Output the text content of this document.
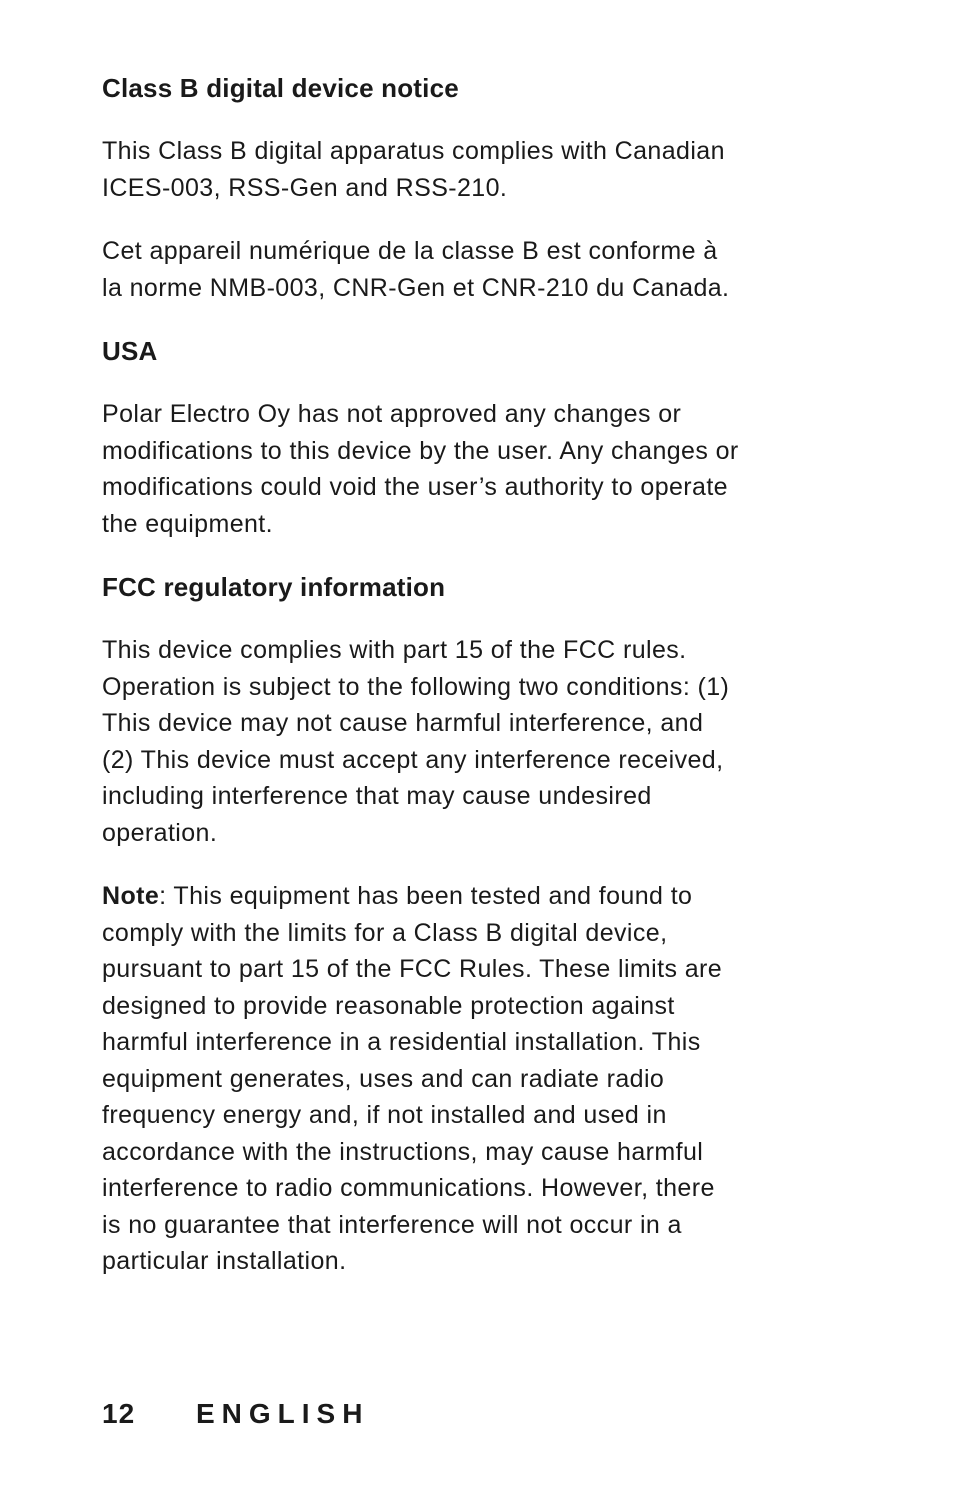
Class B digital device notice
This Class B digital apparatus complies with Canadian
ICES-003, RSS-Gen and RSS-210.
Cet appareil numérique de la classe B est conforme à
la norme NMB-003, CNR-Gen et CNR-210 du Canada.
USA
Polar Electro Oy has not approved any changes or
modifications to this device by the user. Any changes or
modifications could void the user’s authority to operate
the equipment.
FCC regulatory information
This device complies with part 15 of the FCC rules.
Operation is subject to the following two conditions: (1)
This device may not cause harmful interference, and
(2) This device must accept any interference received,
including interference that may cause undesired
operation.
Note: This equipment has been tested and found to
comply with the limits for a Class B digital device,
pursuant to part 15 of the FCC Rules. These limits are
designed to provide reasonable protection against
harmful interference in a residential installation. This
equipment generates, uses and can radiate radio
frequency energy and, if not installed and used in
accordance with the instructions, may cause harmful
interference to radio communications. However, there
is no guarantee that interference will not occur in a
particular installation.
12 ENGLISH
